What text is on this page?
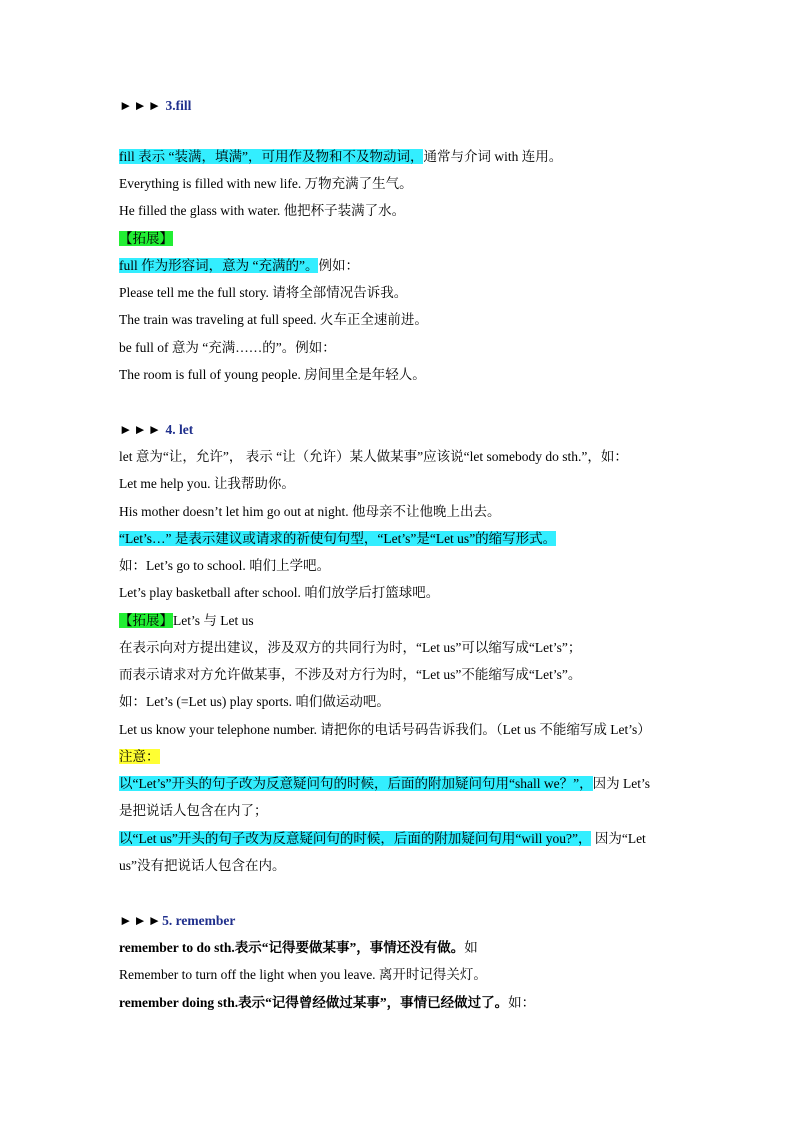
►►► 3.fill
fill 表示 “装满，填满”，可用作及物和不及物动词，通常与介词 with 连用。
Everything is filled with new life. 万物充满了生气。
He filled the glass with water. 他把杯子装满了水。
【拓展】
full 作为形容词，意为 “充满的”。例如：
Please tell me the full story. 请将全部情况告诉我。
The train was traveling at full speed. 火车正全速前进。
be full of 意为 “充满……的”。例如：
The room is full of young people. 房间里全是年轻人。
►►► 4. let
let 意为“让，允许”， 表示 “让（允许）某人做某事”应该说“let somebody do sth.”，如：
Let me help you. 让我帮助你。
His mother doesn’t let him go out at night. 他母亲不让他晚上出去。
“Let’s…” 是表示建议或请求的祈使句句型，“Let’s”是“Let us”的缩写形式。
如：Let’s go to school. 咱们上学吧。
Let’s play basketball after school. 咱们放学后打篮球吧。
【拓展】Let’s 与 Let us
在表示向对方提出建议，涉及双方的共同行为时，“Let us”可以缩写成“Let’s”；
而表示请求对方允许做某事，不涉及对方行为时，“Let us”不能缩写成“Let’s”。
如：Let’s (=Let us) play sports. 咱们做运动吧。
Let us know your telephone number. 请把你的电话号码告诉我们。（Let us 不能缩写成 Let’s）
注意：
以“Let’s”开头的句子改为反意疑问句的时候，后面的附加疑问句用“shall we？”，因为 Let’s
是把说话人包含在内了；
以“Let us”开头的句子改为反意疑问句的时候，后面的附加疑问句用“will you?”， 因为“Let
us”没有把说话人包含在内。
►►►5. remember
remember to do sth.表示“记得要做某事”，事情还没有做。如
Remember to turn off the light when you leave. 离开时记得关灯。
remember doing sth.表示“记得曾经做过某事”，事情已经做过了。如：
